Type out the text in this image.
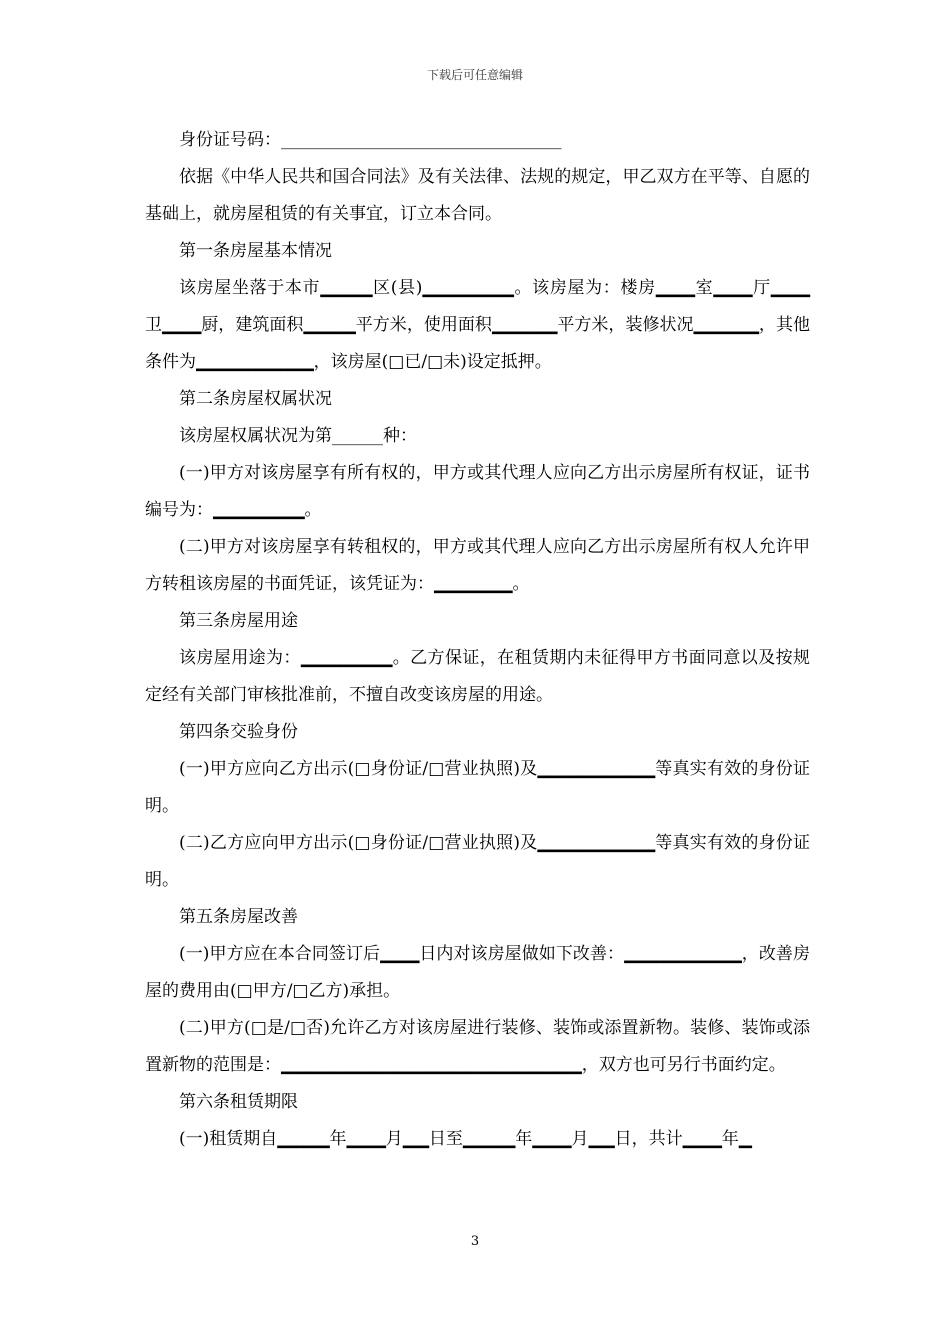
下载后可任意编辑

身份证号码：_________________________________

依据《中华人民共和国合同法》及有关法律、法规的规定，甲乙双方在平等、自愿的基础上，就房屋租赁的有关事宜，订立本合同。

第一条房屋基本情况

该房屋坐落于本市▁▁▁▁区(县)▁▁▁▁▁▁▁。该房屋为：楼房▁▁▁室▁▁▁厅▁▁▁卫▁▁▁厨，建筑面积▁▁▁▁平方米，使用面积▁▁▁▁▁平方米，装修状况▁▁▁▁▁，其他条件为▁▁▁▁▁▁▁▁▁，该房屋(□已/□未)设定抵押。

第二条房屋权属状况

该房屋权属状况为第______种：

(一)甲方对该房屋享有所有权的，甲方或其代理人应向乙方出示房屋所有权证，证书编号为：▁▁▁▁▁▁▁。

(二)甲方对该房屋享有转租权的，甲方或其代理人应向乙方出示房屋所有权人允许甲方转租该房屋的书面凭证，该凭证为：▁▁▁▁▁▁。

第三条房屋用途

该房屋用途为：▁▁▁▁▁▁▁。乙方保证，在租赁期内未征得甲方书面同意以及按规定经有关部门审核批准前，不擅自改变该房屋的用途。

第四条交验身份

(一)甲方应向乙方出示(□身份证/□营业执照)及▁▁▁▁▁▁▁▁▁等真实有效的身份证明。

(二)乙方应向甲方出示(□身份证/□营业执照)及▁▁▁▁▁▁▁▁▁等真实有效的身份证明。

第五条房屋改善

(一)甲方应在本合同签订后▁▁▁日内对该房屋做如下改善：▁▁▁▁▁▁▁▁▁，改善房屋的费用由(□甲方/□乙方)承担。

(二)甲方(□是/□否)允许乙方对该房屋进行装修、装饰或添置新物。装修、装饰或添置新物的范围是：▁▁▁▁▁▁▁▁▁▁▁▁▁▁▁▁▁▁▁▁▁▁▁，双方也可另行书面约定。

第六条租赁期限

(一)租赁期自▁▁▁▁年▁▁▁月▁▁日至▁▁▁▁年▁▁▁月▁▁日，共计▁▁▁年▁

3
